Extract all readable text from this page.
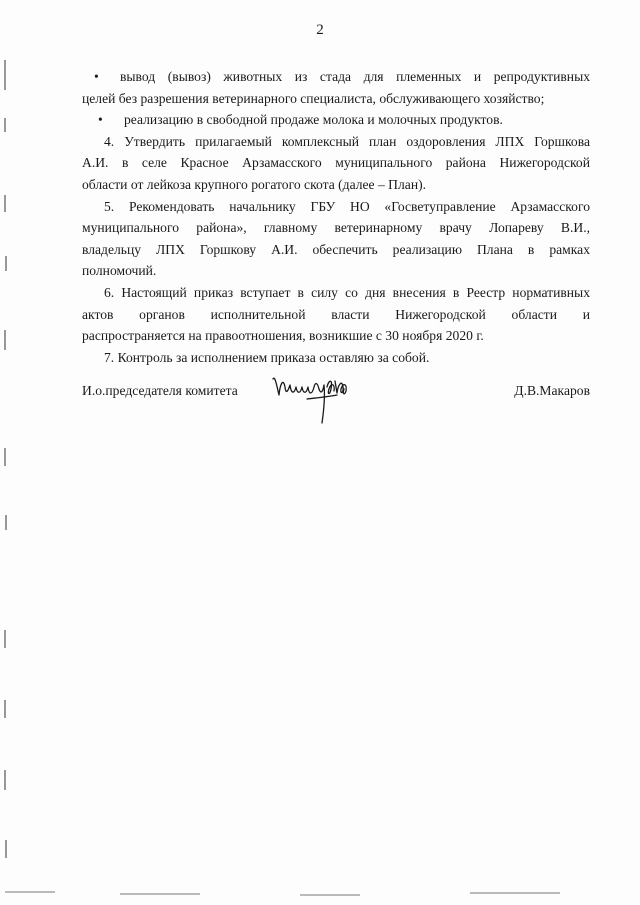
2
• вывод (вывоз) животных из стада для племенных и репродуктивных
целей без разрешения ветеринарного специалиста, обслуживающего хозяйство;
• реализацию в свободной продаже молока и молочных продуктов.
4. Утвердить прилагаемый комплексный план оздоровления ЛПХ Горшкова
А.И. в селе Красное Арзамасского муниципального района Нижегородской
области от лейкоза крупного рогатого скота (далее – План).
5. Рекомендовать начальнику ГБУ НО «Госветуправление Арзамасского
муниципального района», главному ветеринарному врачу Лопареву В.И.,
владельцу ЛПХ Горшкову А.И. обеспечить реализацию Плана в рамках
полномочий.
6. Настоящий приказ вступает в силу со дня внесения в Реестр нормативных
актов органов исполнительной власти Нижегородской области и
распространяется на правоотношения, возникшие с 30 ноября 2020 г.
7. Контроль за исполнением приказа оставляю за собой.
И.о.председателя комитета	Д.В.Макаров
